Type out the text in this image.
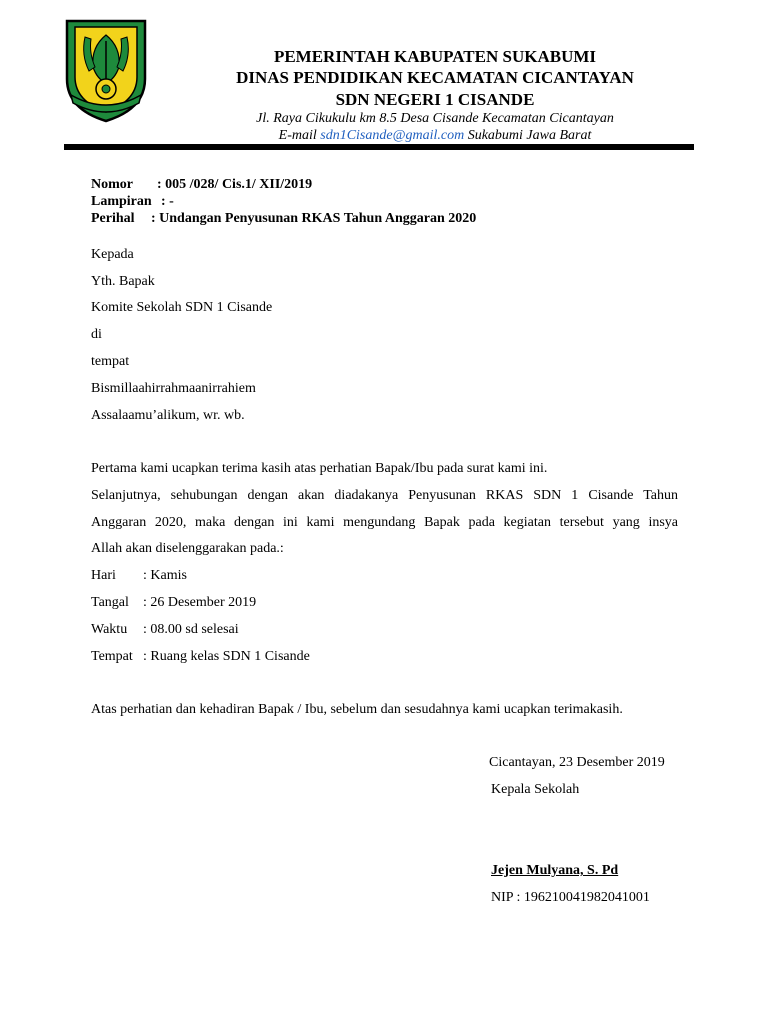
PEMERINTAH KABUPATEN SUKABUMI
DINAS PENDIDIKAN KECAMATAN CICANTAYAN
SDN NEGERI 1 CISANDE
Jl. Raya Cikukulu km 8.5 Desa Cisande Kecamatan Cicantayan
E-mail sdn1Cisande@gmail.com Sukabumi Jawa Barat
Nomor : 005 /028/ Cis.1/ XII/2019
Lampiran : -
Perihal : Undangan Penyusunan RKAS Tahun Anggaran 2020
Kepada
Yth. Bapak
Komite Sekolah SDN 1 Cisande
di
tempat
Bismillaahirrahmaanirrahiem
Assalaamu’alikum, wr. wb.
Pertama kami ucapkan terima kasih atas perhatian Bapak/Ibu pada surat kami ini.
Selanjutnya, sehubungan dengan akan diadakanya Penyusunan RKAS SDN 1 Cisande Tahun
Anggaran 2020, maka dengan ini kami mengundang Bapak pada kegiatan tersebut yang insya
Allah akan diselenggarakan pada.:
Hari : Kamis
Tangal : 26 Desember 2019
Waktu : 08.00 sd selesai
Tempat : Ruang kelas SDN 1 Cisande
Atas perhatian dan kehadiran Bapak / Ibu, sebelum dan sesudahnya kami ucapkan terimakasih.
Cicantayan, 23 Desember 2019
Kepala Sekolah
Jejen Mulyana, S. Pd
NIP : 196210041982041001
